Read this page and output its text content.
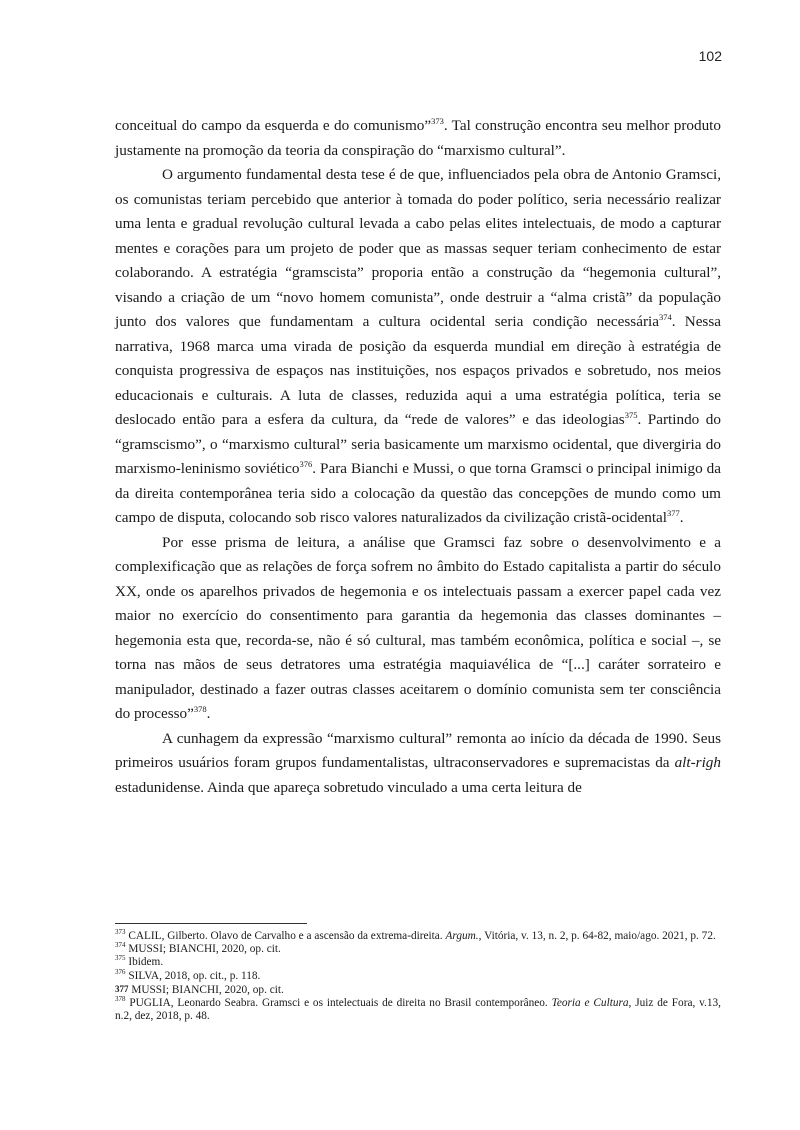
102

conceitual do campo da esquerda e do comunismo”$^{373}$. Tal construção encontra seu melhor produto justamente na promoção da teoria da conspiração do “marxismo cultural”.

O argumento fundamental desta tese é de que, influenciados pela obra de Antonio Gramsci, os comunistas teriam percebido que anterior à tomada do poder político, seria necessário realizar uma lenta e gradual revolução cultural levada a cabo pelas elites intelectuais, de modo a capturar mentes e corações para um projeto de poder que as massas sequer teriam conhecimento de estar colaborando. A estratégia “gramscista” proporia então a construção da “hegemonia cultural”, visando a criação de um “novo homem comunista”, onde destruir a “alma cristã” da população junto dos valores que fundamentam a cultura ocidental seria condição necessária$^{374}$. Nessa narrativa, 1968 marca uma virada de posição da esquerda mundial em direção à estratégia de conquista progressiva de espaços nas instituições, nos espaços privados e sobretudo, nos meios educacionais e culturais. A luta de classes, reduzida aqui a uma estratégia política, teria se deslocado então para a esfera da cultura, da “rede de valores” e das ideologias$^{375}$. Partindo do “gramscismo”, o “marxismo cultural” seria basicamente um marxismo ocidental, que divergiria do marxismo-leninismo soviético$^{376}$. Para Bianchi e Mussi, o que torna Gramsci o principal inimigo da da direita contemporânea teria sido a colocação da questão das concepções de mundo como um campo de disputa, colocando sob risco valores naturalizados da civilização cristã-ocidental$^{377}$.

Por esse prisma de leitura, a análise que Gramsci faz sobre o desenvolvimento e a complexificação que as relações de força sofrem no âmbito do Estado capitalista a partir do século XX, onde os aparelhos privados de hegemonia e os intelectuais passam a exercer papel cada vez maior no exercício do consentimento para garantia da hegemonia das classes dominantes – hegemonia esta que, recorda-se, não é só cultural, mas também econômica, política e social –, se torna nas mãos de seus detratores uma estratégia maquiavélica de “[...] caráter sorrateiro e manipulador, destinado a fazer outras classes aceitarem o domínio comunista sem ter consciência do processo”$^{378}$.

A cunhagem da expressão “marxismo cultural” remonta ao início da década de 1990. Seus primeiros usuários foram grupos fundamentalistas, ultraconservadores e supremacistas da alt-righ estadunidense. Ainda que apareça sobretudo vinculado a uma certa leitura de

$^{373}$ CALIL, Gilberto. Olavo de Carvalho e a ascensão da extrema-direita. Argum., Vitória, v. 13, n. 2, p. 64-82, maio/ago. 2021, p. 72.

$^{374}$ MUSSI; BIANCHI, 2020, op. cit.

$^{375}$ Ibidem.

$^{376}$ SILVA, 2018, op. cit., p. 118.

377 MUSSI; BIANCHI, 2020, op. cit.

$^{378}$ PUGLIA, Leonardo Seabra. Gramsci e os intelectuais de direita no Brasil contemporâneo. Teoria e Cultura, Juiz de Fora, v.13, n.2, dez, 2018, p. 48.
